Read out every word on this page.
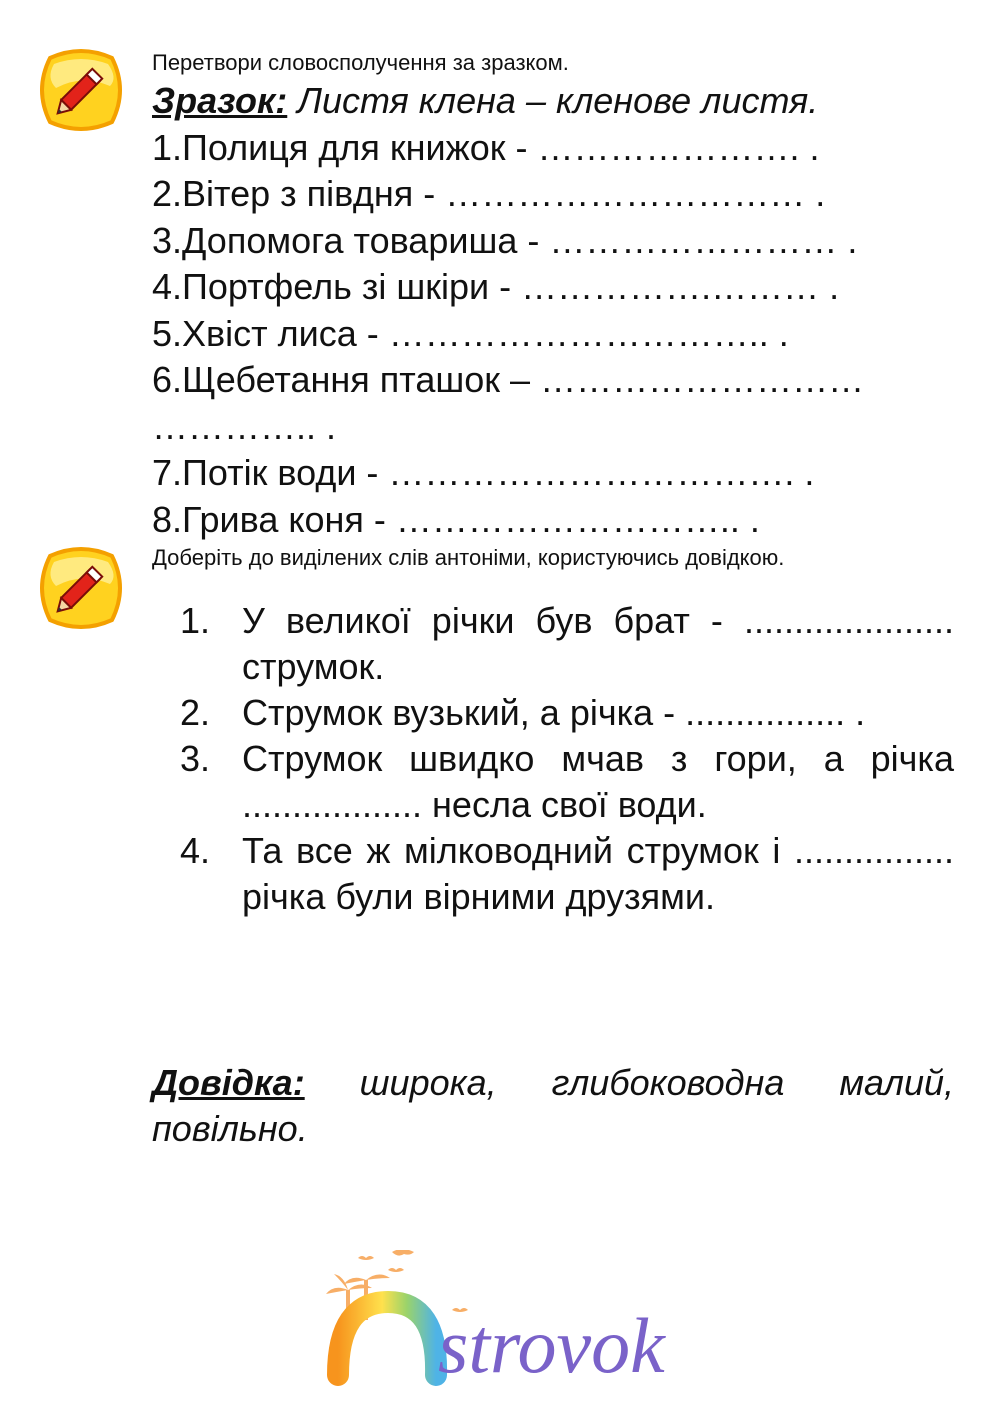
Перетвори словосполучення за зразком.
Зразок: Листя клена – кленове листя.
1.Полиця для книжок - …………………. .
2.Вітер з півдня - ………………………… .
3.Допомога товариша - …………………… .
4.Портфель зі шкіри - …………….……… .
5.Хвіст лиса - ………………………….. .
6.Щебетання пташок – ………………………
………….. .
7.Потік води - ……………………………. .
8.Грива коня - ……………………….. .
Доберіть до виділених слів антоніми, користуючись довідкою.
1. У великої річки був брат - ..................... струмок.
2. Струмок вузький, а річка - ................ .
3. Струмок швидко мчав з гори, а річка .................. несла свої води.
4. Та все ж мілководний струмок і ................ річка були вірними друзями.
Довідка: широка, глибоководна малий, повільно.
strovok
